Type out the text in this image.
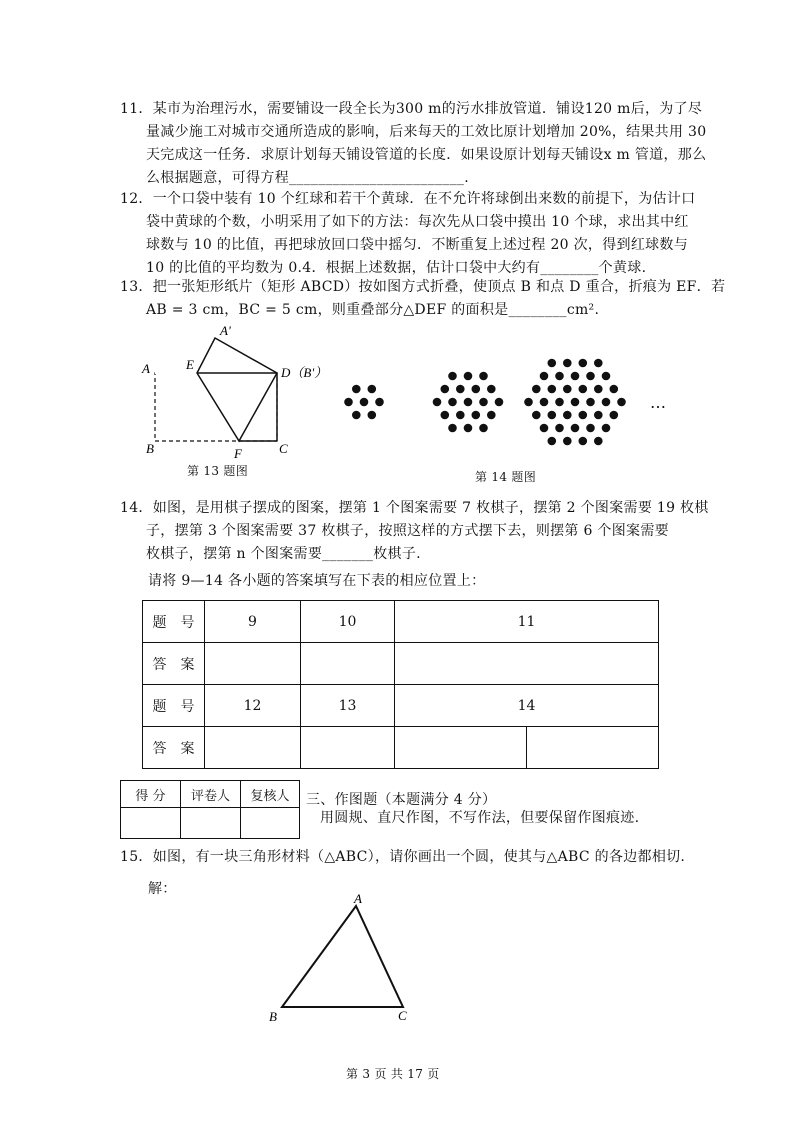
11．某市为治理污水，需要铺设一段全长为300 m的污水排放管道．铺设120 m后，为了尽
量减少施工对城市交通所造成的影响，后来每天的工效比原计划增加 20%，结果共用 30
天完成这一任务．求原计划每天铺设管道的长度．如果设原计划每天铺设x m 管道，那么
么根据题意，可得方程________________________.
12．一个口袋中装有 10 个红球和若干个黄球．在不允许将球倒出来数的前提下，为估计口
袋中黄球的个数，小明采用了如下的方法：每次先从口袋中摸出 10 个球，求出其中红
球数与 10 的比值，再把球放回口袋中摇匀．不断重复上述过程 20 次，得到红球数与
10 的比值的平均数为 0.4．根据上述数据，估计口袋中大约有________个黄球.
13．把一张矩形纸片（矩形 ABCD）按如图方式折叠，使顶点 B 和点 D 重合，折痕为 EF．若
AB = 3 cm，BC = 5 cm，则重叠部分△DEF 的面积是________cm².
A	E
A'
D（B'）
B	F	C
第 13 题图
…
第 14 题图
14．如图，是用棋子摆成的图案，摆第 1 个图案需要 7 枚棋子，摆第 2 个图案需要 19 枚棋
子，摆第 3 个图案需要 37 枚棋子，按照这样的方式摆下去，则摆第 6 个图案需要
枚棋子，摆第 n 个图案需要_______枚棋子.
请将 9—14 各小题的答案填写在下表的相应位置上：
题　号	9	10	11	
答　案				
题　号	12	13	14	
答　案				
得 分	评卷人	复核人
		三、作图题（本题满分 4 分）
用圆规、直尺作图，不写作法，但要保留作图痕迹.
15．如图，有一块三角形材料（△ABC），请你画出一个圆，使其与△ABC 的各边都相切.
解：
A
B	C
第 3 页 共 17 页
